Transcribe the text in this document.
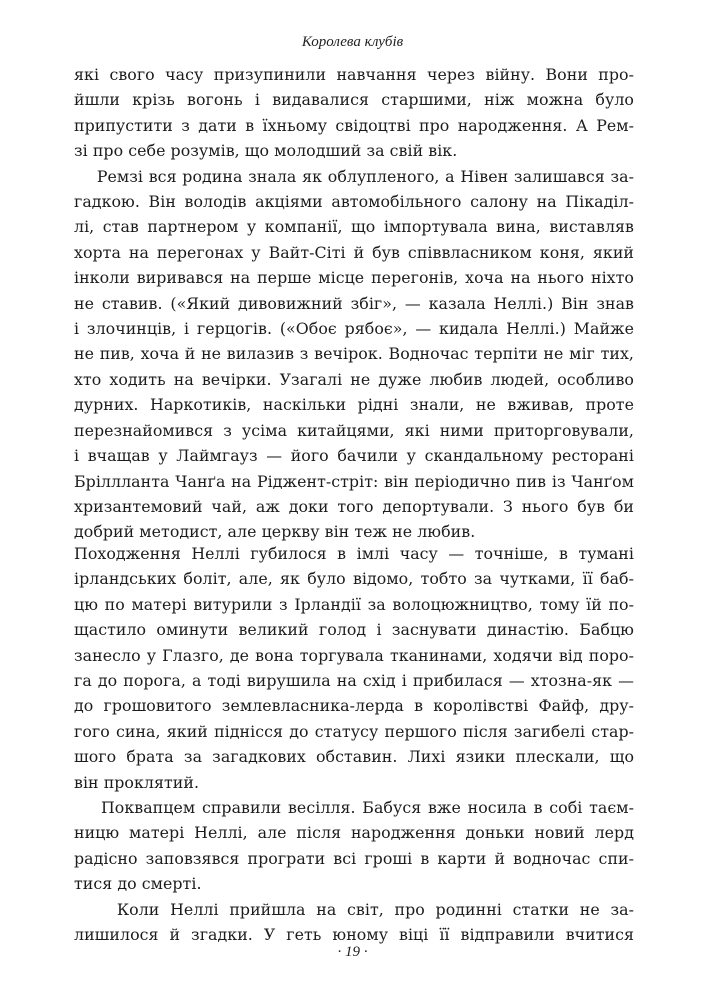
Королева клубів
які свого часу призупинили навчання через війну. Вони про-
йшли крізь вогонь і видавалися старшими, ніж можна було
припустити з дати в їхньому свідоцтві про народження. А Рем-
зі про себе розумів, що молодший за свій вік.
Ремзі вся родина знала як облупленого, а Нівен залишався за-
гадкою. Він володів акціями автомобільного салону на Пікаділ-
лі, став партнером у компанії, що імпортувала вина, виставляв
хорта на перегонах у Вайт-Сіті й був співвласником коня, який
інколи виривався на перше місце перегонів, хоча на нього ніхто
не ставив. («Який дивовижний збіг», — казала Неллі.) Він знав
і злочинців, і герцогів. («Обоє рябоє», — кидала Неллі.) Майже
не пив, хоча й не вилазив з вечірок. Водночас терпіти не міг тих,
хто ходить на вечірки. Узагалі не дуже любив людей, особливо
дурних. Наркотиків, наскільки рідні знали, не вживав, проте
перезнайомився з усіма китайцями, які ними приторговували,
і вчащав у Лаймгауз — його бачили у скандальному ресторані
Бріллланта Чанґа на Ріджент-стріт: він періодично пив із Чанґом
хризантемовий чай, аж доки того депортували. З нього був би
добрий методист, але церкву він теж не любив.
Походження Неллі губилося в імлі часу — точніше, в тумані
ірландських боліт, але, як було відомо, тобто за чутками, її баб-
цю по матері витурили з Ірландії за волоцюжництво, тому їй по-
щастило оминути великий голод і заснувати династію. Бабцю
занесло у Глазго, де вона торгувала тканинами, ходячи від поро-
га до порога, а тоді вирушила на схід і прибилася — хтозна-як —
до грошовитого землевласника-лерда в королівстві Файф, дру-
гого сина, який піднісся до статусу першого після загибелі стар-
шого брата за загадкових обставин. Лихі язики плескали, що
він проклятий.
Поквапцем справили весілля. Бабуся вже носила в собі таєм-
ницю матері Неллі, але після народження доньки новий лерд
радісно заповзявся програти всі гроші в карти й водночас спи-
тися до смерті.
Коли Неллі прийшла на світ, про родинні статки не за-
лишилося й згадки. У геть юному віці її відправили вчитися
· 19 ·
